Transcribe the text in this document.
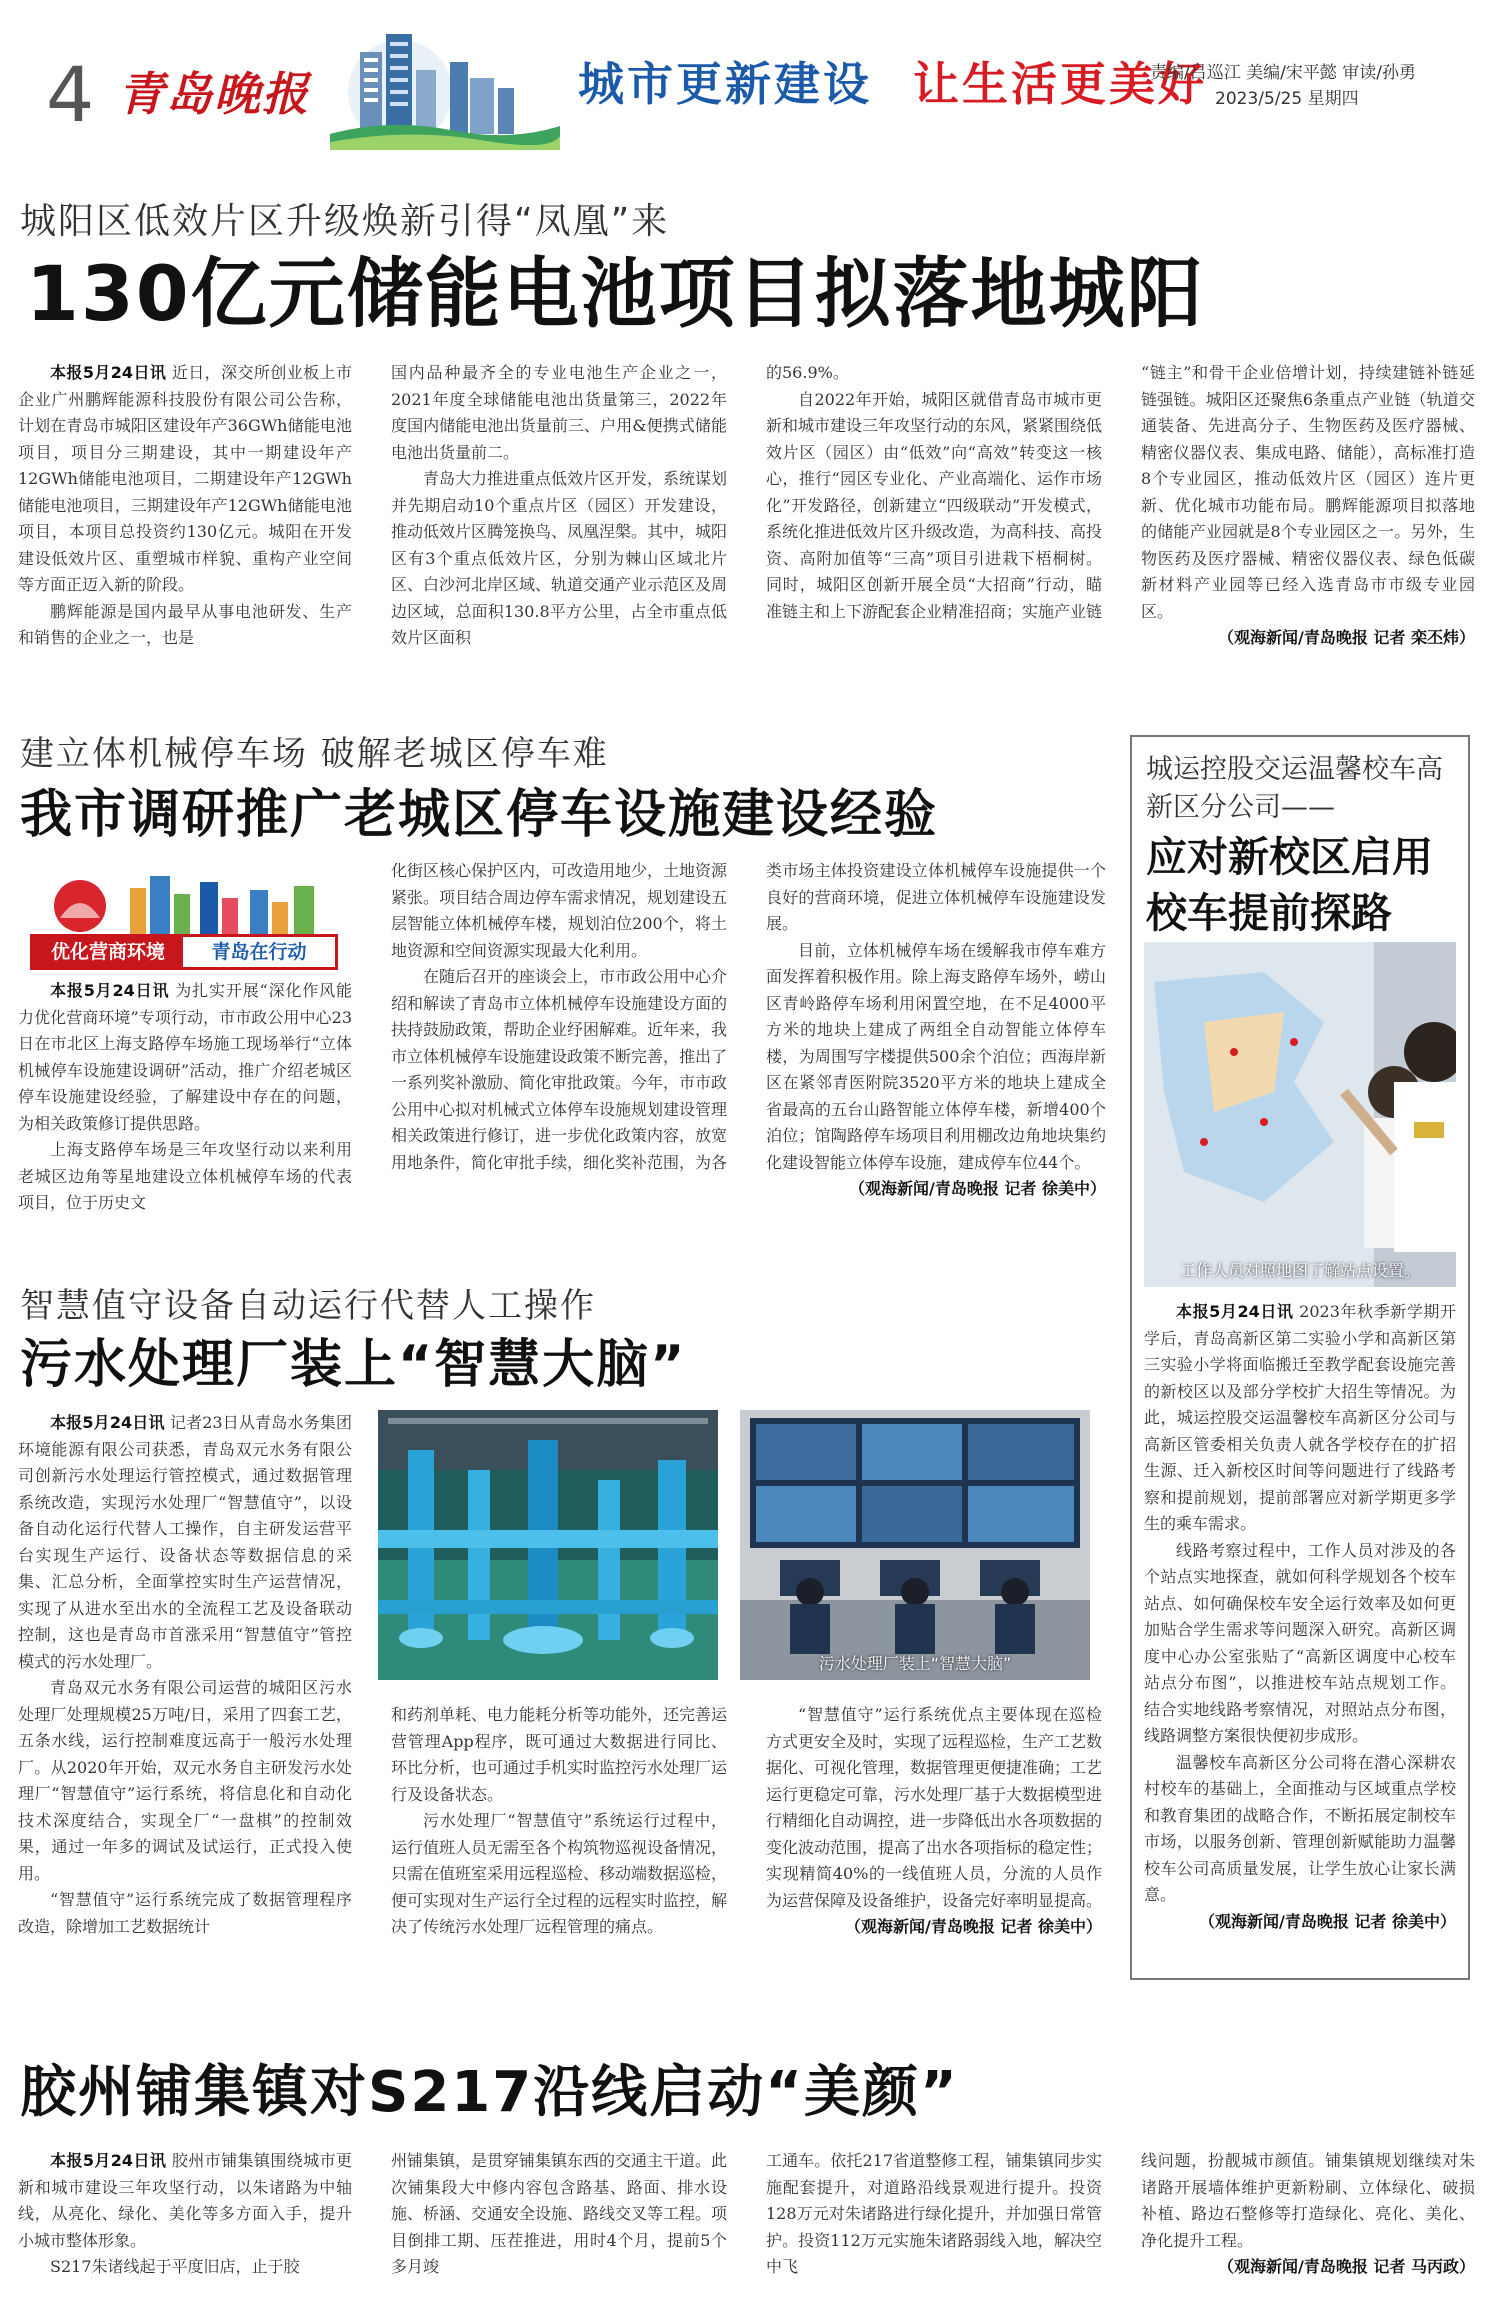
4 青岛晚报	城市更新建设 让生活更美好
责编/吕巡江 美编/宋平懿 审读/孙勇
2023/5/25 星期四
城阳区低效片区升级焕新引得“凤凰”来
130亿元储能电池项目拟落地城阳

本报5月24日讯 近日，深交所创业板上市企业广州鹏辉能源科技股份有限公司公告称，计划在青岛市城阳区建设年产36GWh储能电池项目，项目分三期建设，其中一期建设年产12GWh储能电池项目，二期建设年产12GWh储能电池项目，三期建设年产12GWh储能电池项目，本项目总投资约130亿元。城阳在开发建设低效片区、重塑城市样貌、重构产业空间等方面正迈入新的阶段。

鹏辉能源是国内最早从事电池研发、生产和销售的企业之一，也是

国内品种最齐全的专业电池生产企业之一，2021年度全球储能电池出货量第三，2022年度国内储能电池出货量前三、户用&便携式储能电池出货量前二。

青岛大力推进重点低效片区开发，系统谋划并先期启动10个重点片区（园区）开发建设，推动低效片区腾笼换鸟、凤凰涅槃。其中，城阳区有3个重点低效片区，分别为棘山区域北片区、白沙河北岸区域、轨道交通产业示范区及周边区域，总面积130.8平方公里，占全市重点低效片区面积

的56.9%。

自2022年开始，城阳区就借青岛市城市更新和城市建设三年攻坚行动的东风，紧紧围绕低效片区（园区）由“低效”向“高效”转变这一核心，推行“园区专业化、产业高端化、运作市场化”开发路径，创新建立“四级联动”开发模式，系统化推进低效片区升级改造，为高科技、高投资、高附加值等“三高”项目引进栽下梧桐树。同时，城阳区创新开展全员“大招商”行动，瞄准链主和上下游配套企业精准招商；实施产业链

“链主”和骨干企业倍增计划，持续建链补链延链强链。城阳区还聚焦6条重点产业链（轨道交通装备、先进高分子、生物医药及医疗器械、精密仪器仪表、集成电路、储能），高标准打造8个专业园区，推动低效片区（园区）连片更新、优化城市功能布局。鹏辉能源项目拟落地的储能产业园就是8个专业园区之一。另外，生物医药及医疗器械、精密仪器仪表、绿色低碳新材料产业园等已经入选青岛市市级专业园区。

（观海新闻/青岛晚报 记者 栾丕炜）
建立体机械停车场 破解老城区停车难
我市调研推广老城区停车设施建设经验
优化营商环境	青岛在行动

本报5月24日讯 为扎实开展“深化作风能力优化营商环境”专项行动，市市政公用中心23日在市北区上海支路停车场施工现场举行“立体机械停车设施建设调研”活动，推广介绍老城区停车设施建设经验，了解建设中存在的问题，为相关政策修订提供思路。

上海支路停车场是三年攻坚行动以来利用老城区边角等星地建设立体机械停车场的代表项目，位于历史文

化街区核心保护区内，可改造用地少，土地资源紧张。项目结合周边停车需求情况，规划建设五层智能立体机械停车楼，规划泊位200个，将土地资源和空间资源实现最大化利用。

在随后召开的座谈会上，市市政公用中心介绍和解读了青岛市立体机械停车设施建设方面的扶持鼓励政策，帮助企业纾困解难。近年来，我市立体机械停车设施建设政策不断完善，推出了一系列奖补激励、简化审批政策。今年，市市政公用中心拟对机械式立体停车设施规划建设管理相关政策进行修订，进一步优化政策内容，放宽用地条件，简化审批手续，细化奖补范围，为各

类市场主体投资建设立体机械停车设施提供一个良好的营商环境，促进立体机械停车设施建设发展。

目前，立体机械停车场在缓解我市停车难方面发挥着积极作用。除上海支路停车场外，崂山区青岭路停车场利用闲置空地，在不足4000平方米的地块上建成了两组全自动智能立体停车楼，为周围写字楼提供500余个泊位；西海岸新区在紧邻青医附院3520平方米的地块上建成全省最高的五台山路智能立体停车楼，新增400个泊位；馆陶路停车场项目利用棚改边角地块集约化建设智能立体停车设施，建成停车位44个。

（观海新闻/青岛晚报 记者 徐美中）
智慧值守设备自动运行代替人工操作
污水处理厂装上“智慧大脑”

本报5月24日讯 记者23日从青岛水务集团环境能源有限公司获悉，青岛双元水务有限公司创新污水处理运行管控模式，通过数据管理系统改造，实现污水处理厂“智慧值守”，以设备自动化运行代替人工操作，自主研发运营平台实现生产运行、设备状态等数据信息的采集、汇总分析，全面掌控实时生产运营情况，实现了从进水至出水的全流程工艺及设备联动控制，这也是青岛市首涨采用“智慧值守”管控模式的污水处理厂。

青岛双元水务有限公司运营的城阳区污水处理厂处理规模25万吨/日，采用了四套工艺，五条水线，运行控制难度远高于一般污水处理厂。从2020年开始，双元水务自主研发污水处理厂“智慧值守”运行系统，将信息化和自动化技术深度结合，实现全厂“一盘棋”的控制效果，通过一年多的调试及试运行，正式投入使用。

“智慧值守”运行系统完成了数据管理程序改造，除增加工艺数据统计

污水处理厂装上“智慧大脑”

和药剂单耗、电力能耗分析等功能外，还完善运营管理App程序，既可通过大数据进行同比、环比分析，也可通过手机实时监控污水处理厂运行及设备状态。

污水处理厂“智慧值守”系统运行过程中，运行值班人员无需至各个构筑物巡视设备情况，只需在值班室采用远程巡检、移动端数据巡检，便可实现对生产运行全过程的远程实时监控，解决了传统污水处理厂远程管理的痛点。

“智慧值守”运行系统优点主要体现在巡检方式更安全及时，实现了远程巡检，生产工艺数据化、可视化管理，数据管理更便捷准确；工艺运行更稳定可靠，污水处理厂基于大数据模型进行精细化自动调控，进一步降低出水各项数据的变化波动范围，提高了出水各项指标的稳定性；实现精简40%的一线值班人员，分流的人员作为运营保障及设备维护，设备完好率明显提高。

（观海新闻/青岛晚报 记者 徐美中）
城运控股交运温馨校车高新区分公司——
应对新校区启用校车提前探路
工作人员对照地图了解站点设置。

本报5月24日讯 2023年秋季新学期开学后，青岛高新区第二实验小学和高新区第三实验小学将面临搬迁至教学配套设施完善的新校区以及部分学校扩大招生等情况。为此，城运控股交运温馨校车高新区分公司与高新区管委相关负责人就各学校存在的扩招生源、迁入新校区时间等问题进行了线路考察和提前规划，提前部署应对新学期更多学生的乘车需求。

线路考察过程中，工作人员对涉及的各个站点实地探查，就如何科学规划各个校车站点、如何确保校车安全运行效率及如何更加贴合学生需求等问题深入研究。高新区调度中心办公室张贴了“高新区调度中心校车站点分布图”，以推进校车站点规划工作。结合实地线路考察情况，对照站点分布图，线路调整方案很快便初步成形。

温馨校车高新区分公司将在潜心深耕农村校车的基础上，全面推动与区域重点学校和教育集团的战略合作，不断拓展定制校车市场，以服务创新、管理创新赋能助力温馨校车公司高质量发展，让学生放心让家长满意。

（观海新闻/青岛晚报 记者 徐美中）
胶州铺集镇对S217沿线启动“美颜”

本报5月24日讯 胶州市铺集镇围绕城市更新和城市建设三年攻坚行动，以朱诸路为中轴线，从亮化、绿化、美化等多方面入手，提升小城市整体形象。

S217朱诸线起于平度旧店，止于胶

州铺集镇，是贯穿铺集镇东西的交通主干道。此次铺集段大中修内容包含路基、路面、排水设施、桥涵、交通安全设施、路线交叉等工程。项目倒排工期、压茬推进，用时4个月，提前5个多月竣

工通车。依托217省道整修工程，铺集镇同步实施配套提升，对道路沿线景观进行提升。投资128万元对朱诸路进行绿化提升，并加强日常管护。投资112万元实施朱诸路弱线入地，解决空中飞

线问题，扮靓城市颜值。铺集镇规划继续对朱诸路开展墙体维护更新粉刷、立体绿化、破损补植、路边石整修等打造绿化、亮化、美化、净化提升工程。

（观海新闻/青岛晚报 记者 马丙政）
